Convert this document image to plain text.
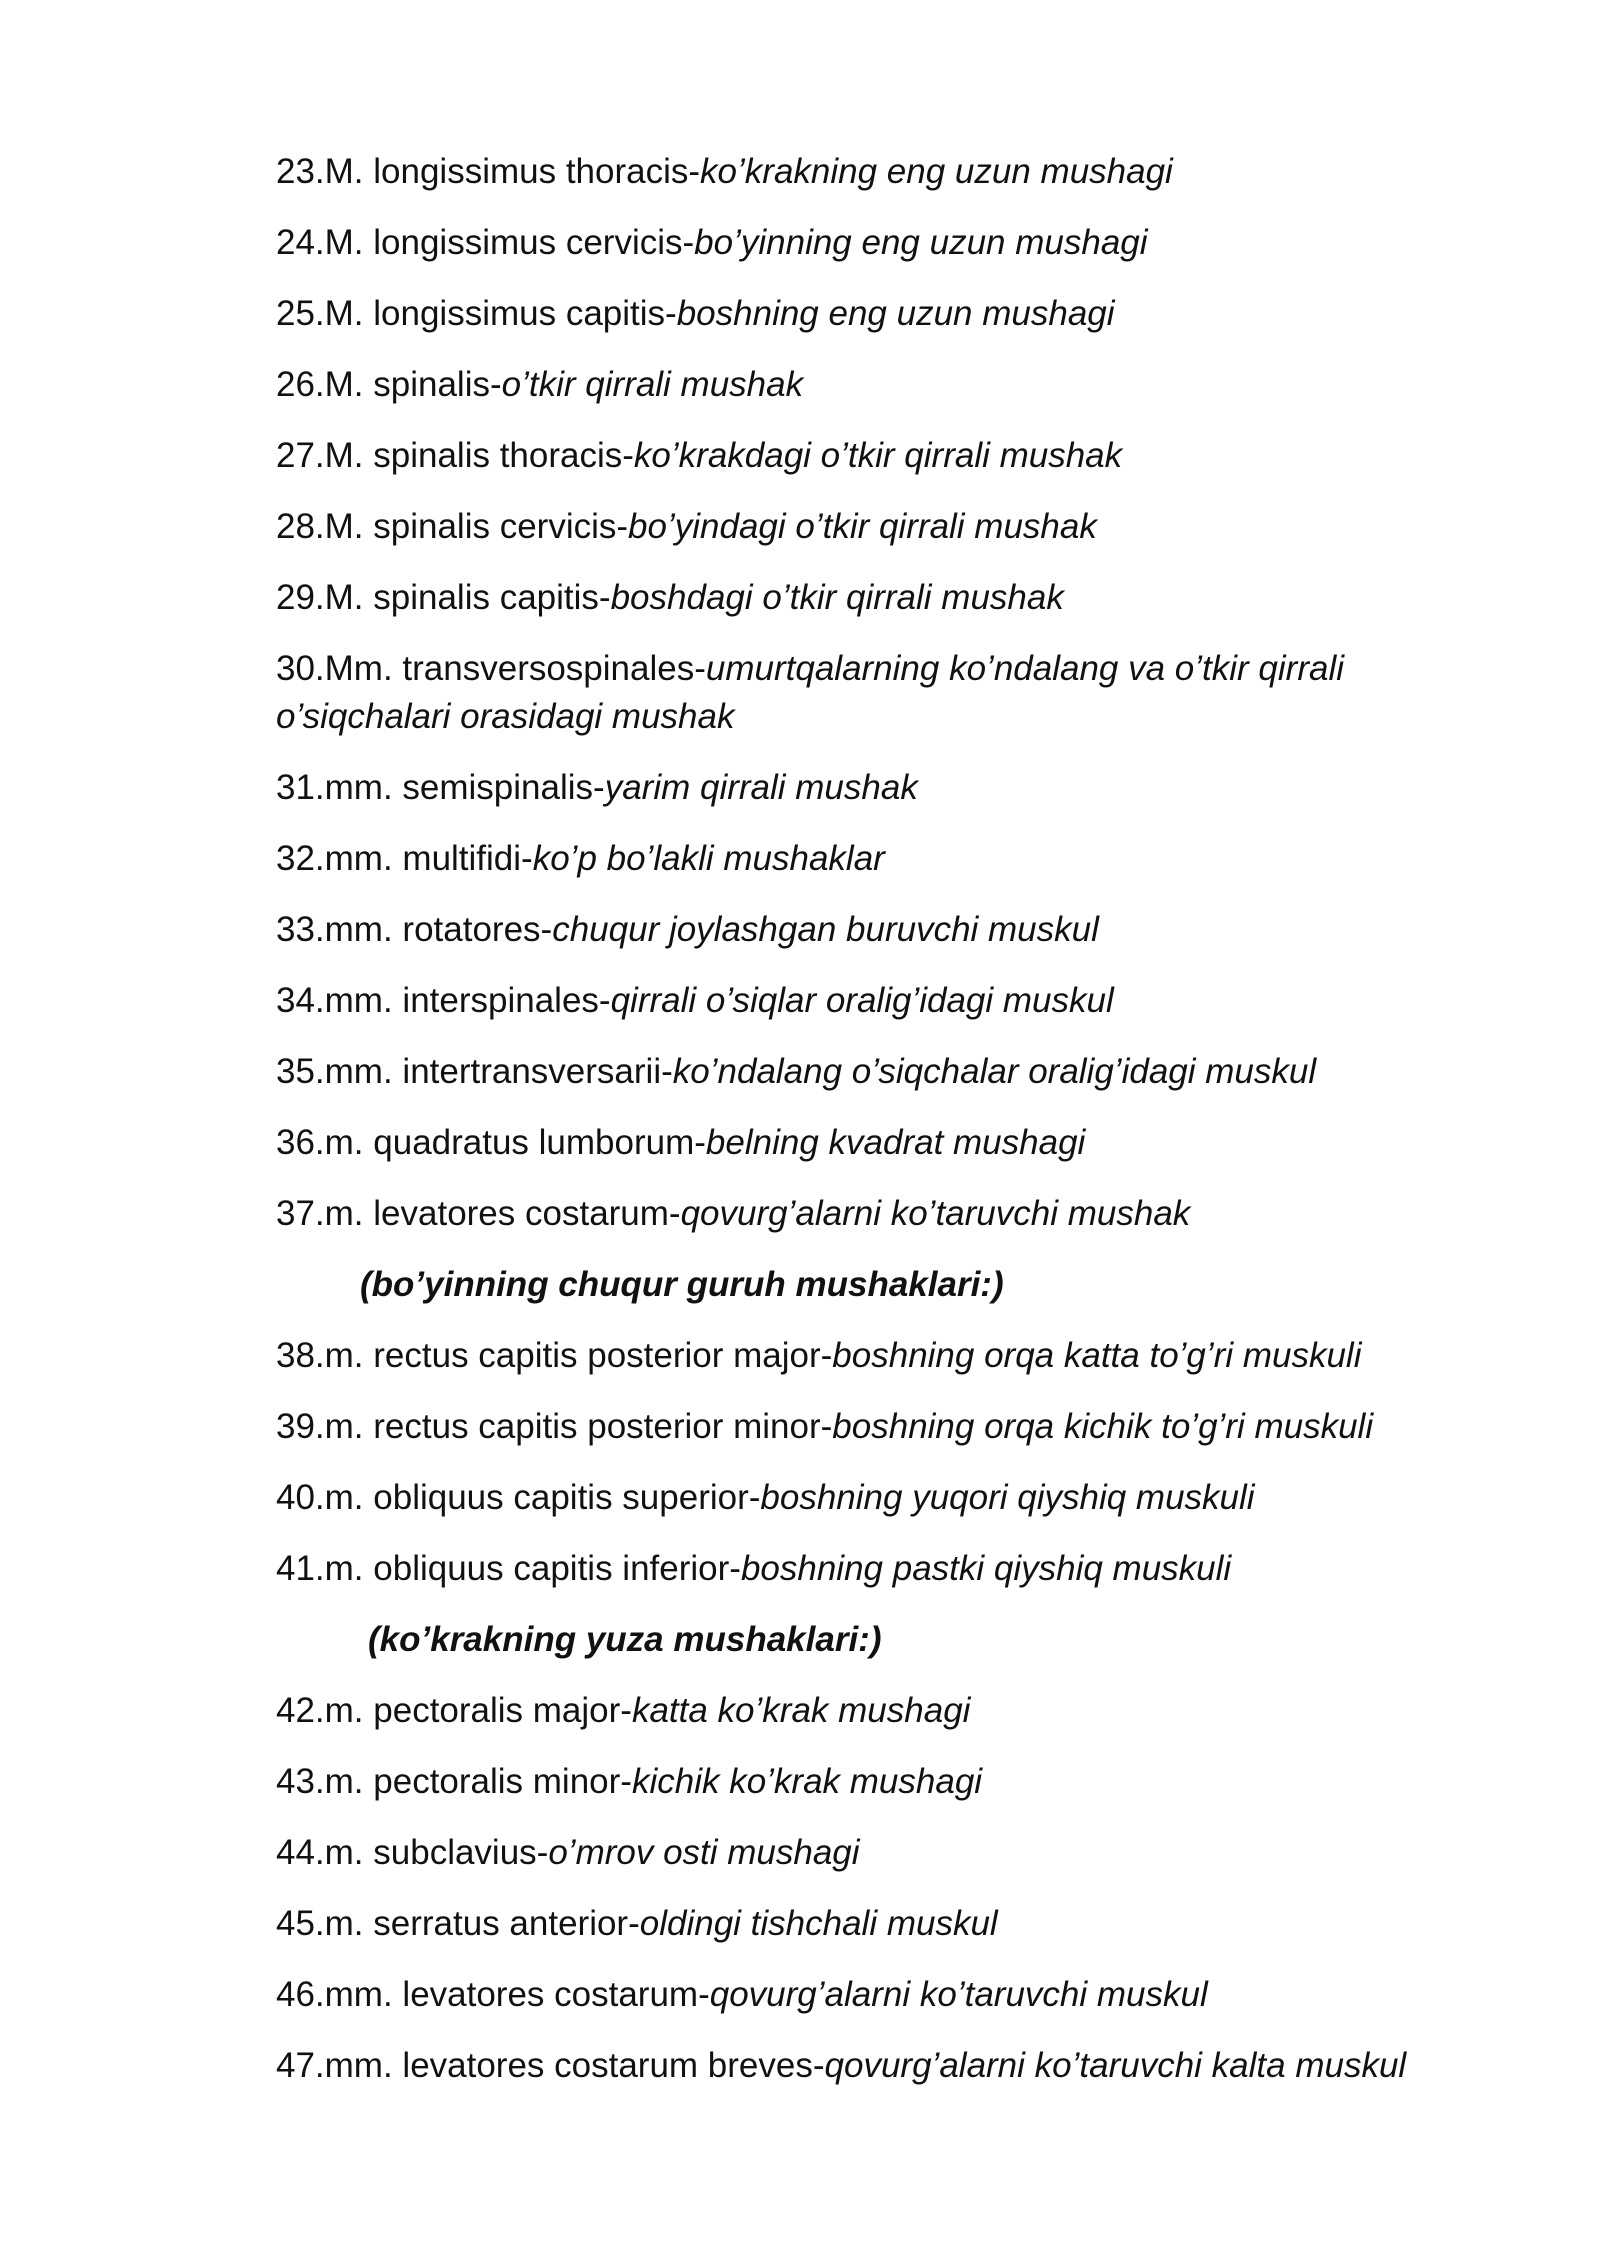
23.M. longissimus thoracis-ko’krakning eng uzun mushagi

24.M. longissimus cervicis-bo’yinning eng uzun mushagi

25.M. longissimus capitis-boshning eng uzun mushagi

26.M. spinalis-o’tkir qirrali mushak

27.M. spinalis thoracis-ko’krakdagi o’tkir qirrali mushak

28.M. spinalis cervicis-bo’yindagi o’tkir qirrali mushak

29.M. spinalis capitis-boshdagi o’tkir qirrali mushak

30.Mm. transversospinales-umurtqalarning ko’ndalang va o’tkir qirrali o’siqchalari orasidagi mushak

31.mm. semispinalis-yarim qirrali mushak

32.mm. multifidi-ko’p bo’lakli mushaklar

33.mm. rotatores-chuqur joylashgan buruvchi muskul

34.mm. interspinales-qirrali o’siqlar oralig’idagi muskul

35.mm. intertransversarii-ko’ndalang o’siqchalar oralig’idagi muskul

36.m. quadratus lumborum-belning kvadrat mushagi

37.m. levatores costarum-qovurg’alarni ko’taruvchi mushak

(bo’yinning chuqur guruh mushaklari:)

38.m. rectus capitis posterior major-boshning orqa katta to’g’ri muskuli

39.m. rectus capitis posterior minor-boshning orqa kichik to’g’ri muskuli

40.m. obliquus capitis superior-boshning yuqori qiyshiq muskuli

41.m. obliquus capitis inferior-boshning pastki qiyshiq muskuli

(ko’krakning yuza mushaklari:)

42.m. pectoralis major-katta ko’krak mushagi

43.m. pectoralis minor-kichik ko’krak mushagi

44.m. subclavius-o’mrov osti mushagi

45.m. serratus anterior-oldingi tishchali muskul

46.mm. levatores costarum-qovurg’alarni ko’taruvchi muskul

47.mm. levatores costarum breves-qovurg’alarni ko’taruvchi kalta muskul
